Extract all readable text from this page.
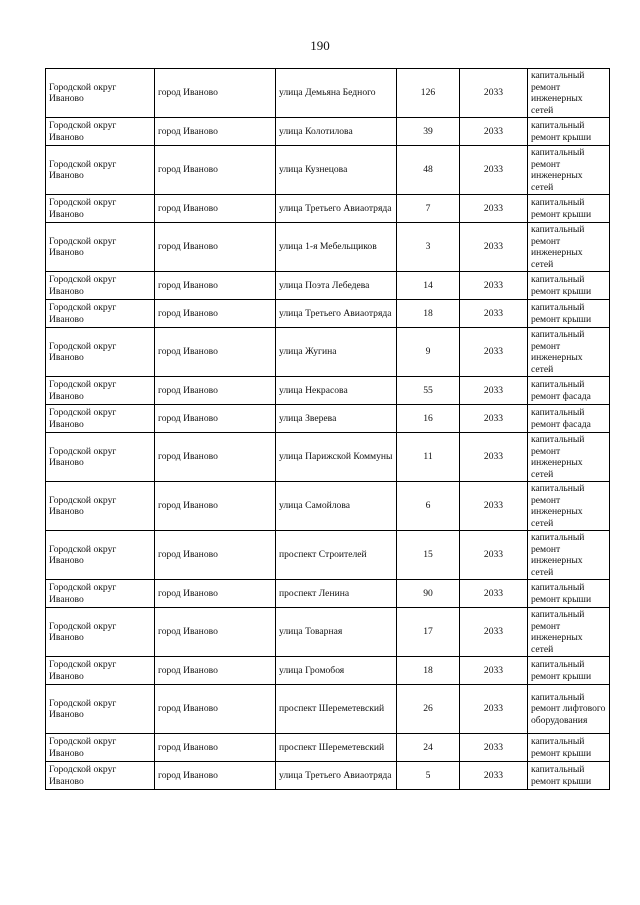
190
Городской округ Иваново	город Иваново	улица Демьяна Бедного	126	2033	капитальный ремонт инженерных сетей
Городской округ Иваново	город Иваново	улица Колотилова	39	2033	капитальный ремонт крыши
Городской округ Иваново	город Иваново	улица Кузнецова	48	2033	капитальный ремонт инженерных сетей
Городской округ Иваново	город Иваново	улица Третьего Авиаотряда	7	2033	капитальный ремонт крыши
Городской округ Иваново	город Иваново	улица 1-я Мебельщиков	3	2033	капитальный ремонт инженерных сетей
Городской округ Иваново	город Иваново	улица Поэта Лебедева	14	2033	капитальный ремонт крыши
Городской округ Иваново	город Иваново	улица Третьего Авиаотряда	18	2033	капитальный ремонт крыши
Городской округ Иваново	город Иваново	улица Жугина	9	2033	капитальный ремонт инженерных сетей
Городской округ Иваново	город Иваново	улица Некрасова	55	2033	капитальный ремонт фасада
Городской округ Иваново	город Иваново	улица Зверева	16	2033	капитальный ремонт фасада
Городской округ Иваново	город Иваново	улица Парижской Коммуны	11	2033	капитальный ремонт инженерных сетей
Городской округ Иваново	город Иваново	улица Самойлова	6	2033	капитальный ремонт инженерных сетей
Городской округ Иваново	город Иваново	проспект Строителей	15	2033	капитальный ремонт инженерных сетей
Городской округ Иваново	город Иваново	проспект Ленина	90	2033	капитальный ремонт крыши
Городской округ Иваново	город Иваново	улица Товарная	17	2033	капитальный ремонт инженерных сетей
Городской округ Иваново	город Иваново	улица Громобоя	18	2033	капитальный ремонт крыши
Городской округ Иваново	город Иваново	проспект Шереметевский	26	2033	капитальный ремонт лифтового оборудования
Городской округ Иваново	город Иваново	проспект Шереметевский	24	2033	капитальный ремонт крыши
Городской округ Иваново	город Иваново	улица Третьего Авиаотряда	5	2033	капитальный ремонт крыши
